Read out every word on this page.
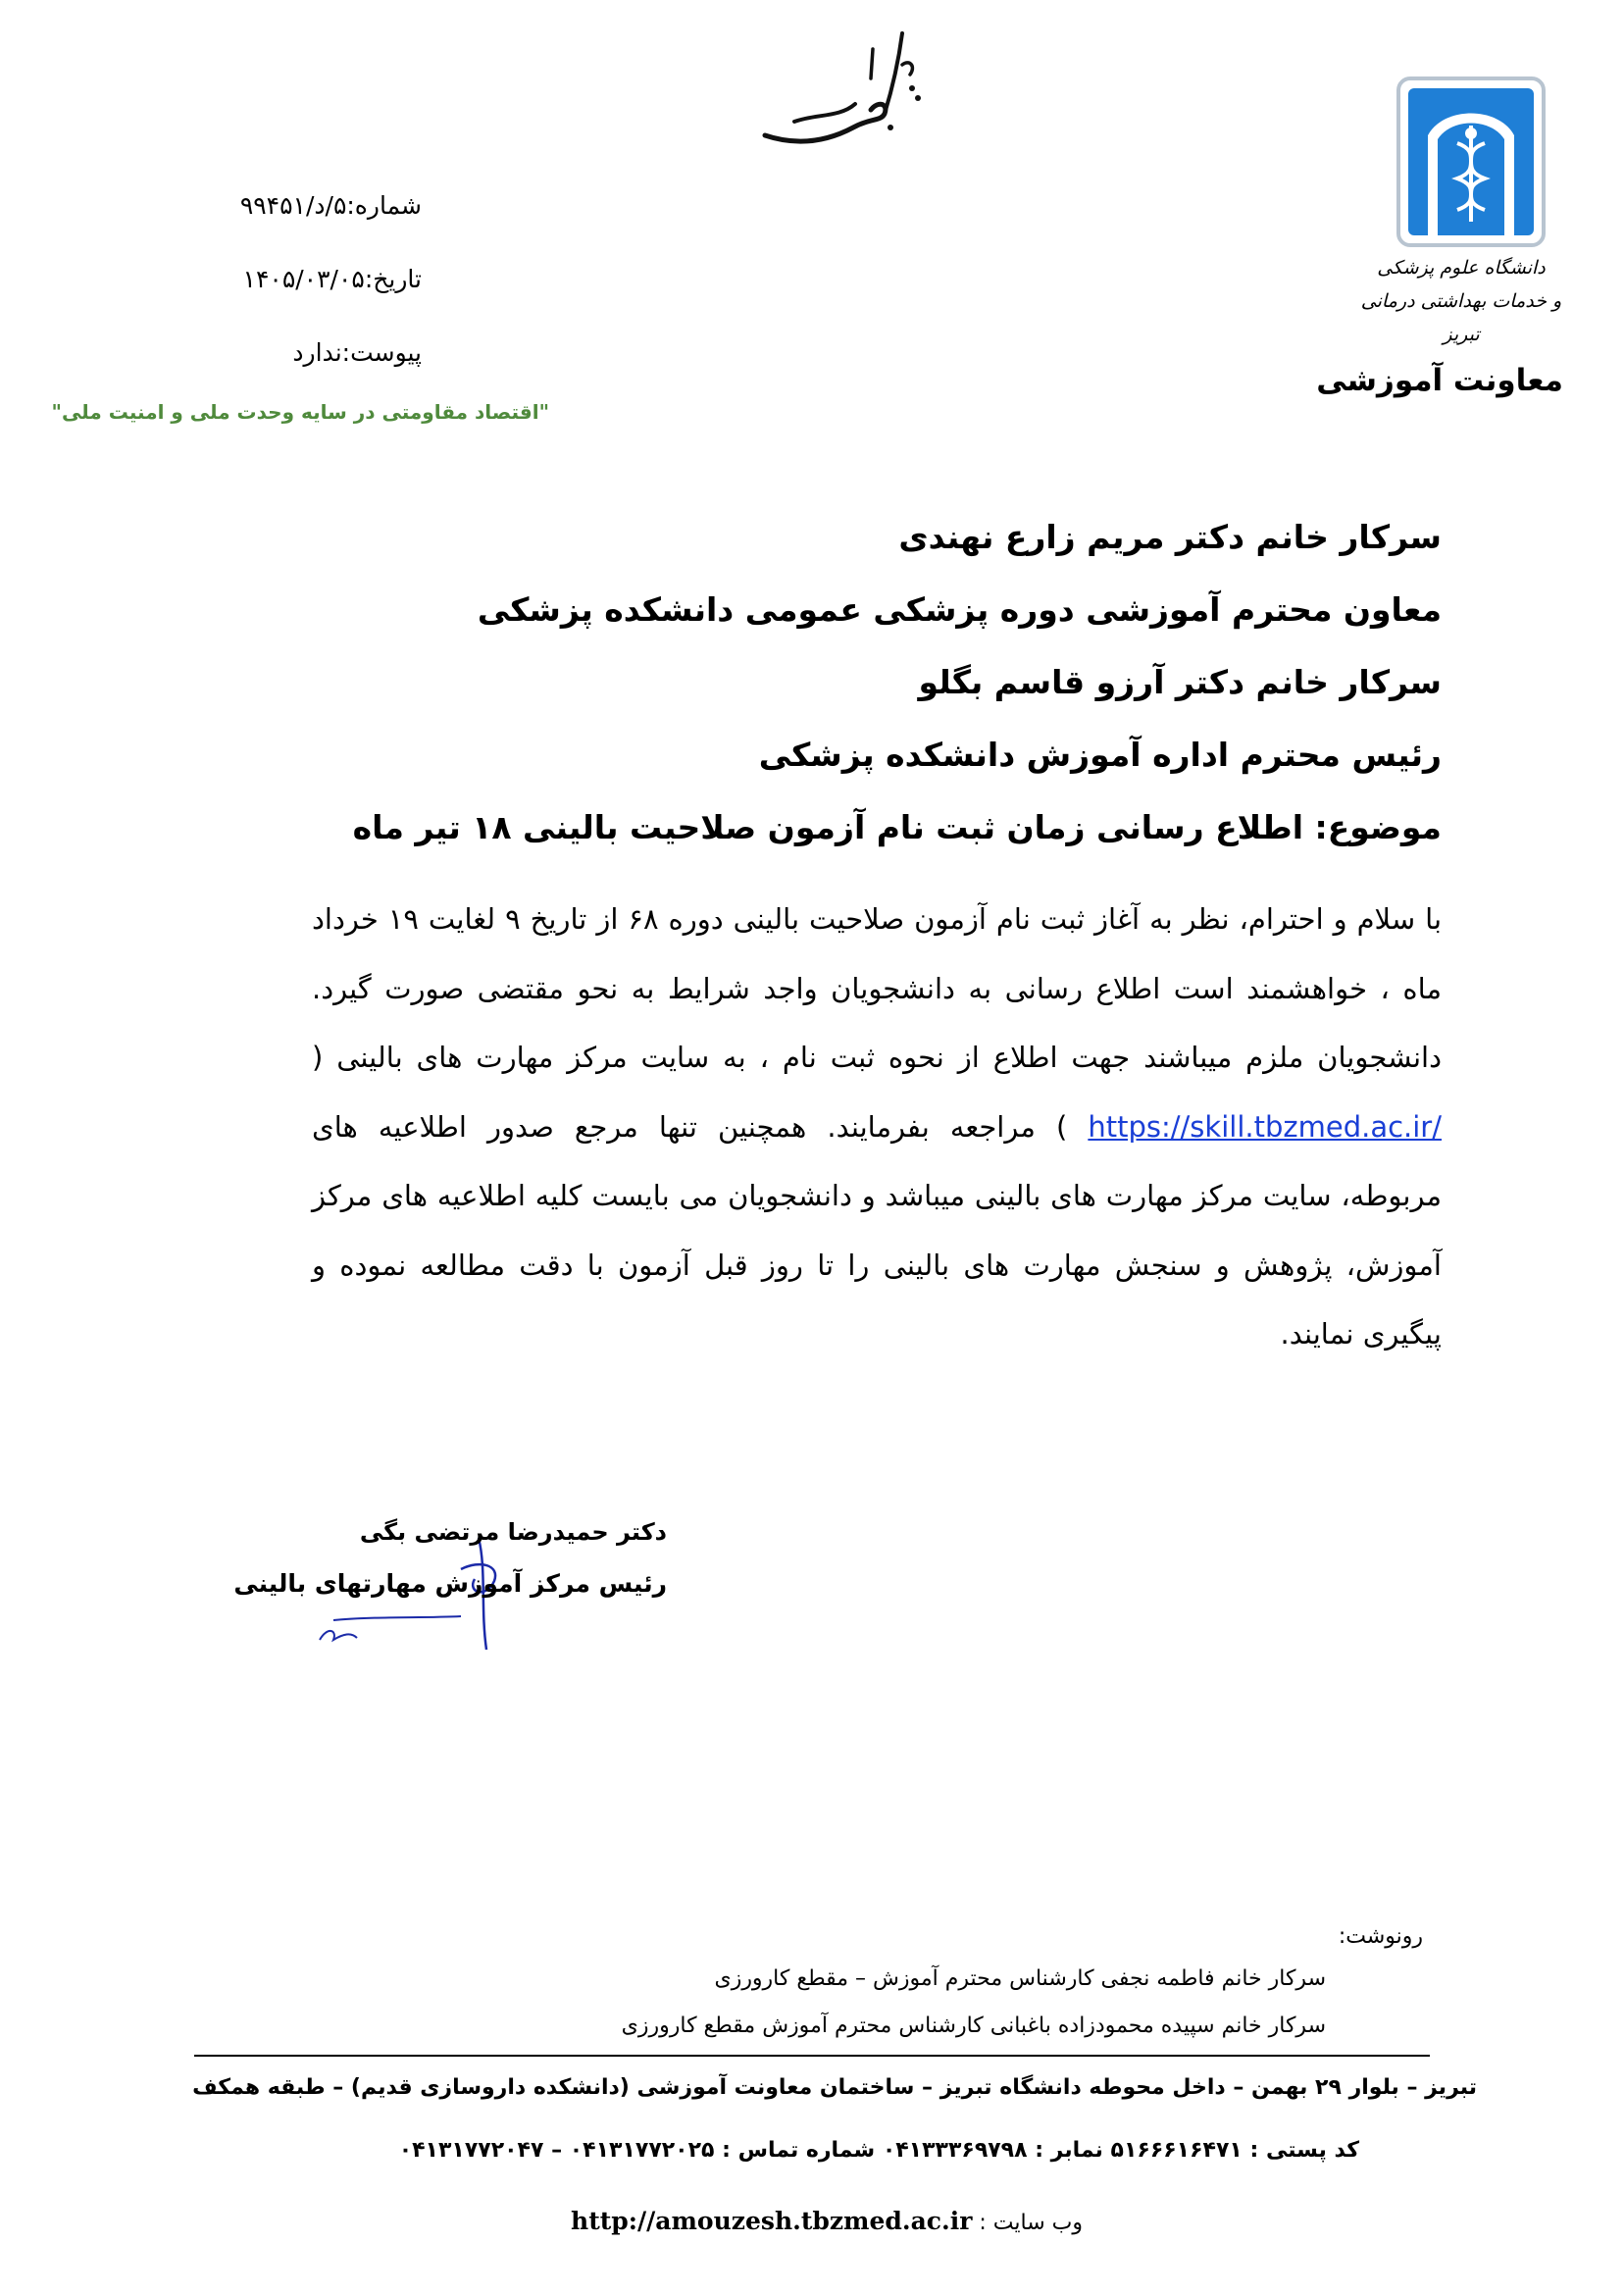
دانشگاه علوم پزشکی
و خدمات بهداشتی درمانی تبریز
معاونت آموزشی
شماره:۵/د/۹۹۴۵۱
تاریخ:۱۴۰۵/۰۳/۰۵
پیوست:ندارد
"اقتصاد مقاومتی در سایه وحدت ملی و امنیت ملی"
سرکار خانم دکتر مریم زارع نهندی
معاون محترم آموزشی دوره پزشکی عمومی دانشکده پزشکی
سرکار خانم دکتر آرزو قاسم بگلو
رئیس محترم اداره آموزش دانشکده پزشکی
موضوع: اطلاع رسانی زمان ثبت نام آزمون صلاحیت بالینی ۱۸ تیر ماه
با سلام و احترام، نظر به آغاز ثبت نام آزمون صلاحیت بالینی دوره ۶۸ از تاریخ ۹ لغایت ۱۹ خرداد ماه ، خواهشمند است اطلاع رسانی به دانشجویان واجد شرایط به نحو مقتضی صورت گیرد. دانشجویان ملزم میباشند جهت اطلاع از نحوه ثبت نام ، به سایت مرکز مهارت های بالینی ( https://skill.tbzmed.ac.ir/ ) مراجعه بفرمایند. همچنین تنها مرجع صدور اطلاعیه های مربوطه، سایت مرکز مهارت های بالینی میباشد و دانشجویان می بایست کلیه اطلاعیه های مرکز آموزش، پژوهش و سنجش مهارت های بالینی را تا روز قبل آزمون با دقت مطالعه نموده و پیگیری نمایند.
دکتر حمیدرضا مرتضی بگی
رئیس مرکز آموزش مهارتهای بالینی
رونوشت:
سرکار خانم فاطمه نجفی کارشناس محترم آموزش – مقطع کارورزی
سرکار خانم سپیده محمودزاده باغبانی کارشناس محترم آموزش مقطع کارورزی
تبریز – بلوار ۲۹ بهمن – داخل محوطه دانشگاه تبریز – ساختمان معاونت آموزشی (دانشکده داروسازی قدیم) – طبقه همکف
کد پستی : ۵۱۶۶۶۱۶۴۷۱ نمابر : ۰۴۱۳۳۳۶۹۷۹۸ شماره تماس : ۰۴۱۳۱۷۷۲۰۲۵ – ۰۴۱۳۱۷۷۲۰۴۷
وب سایت : http://amouzesh.tbzmed.ac.ir
